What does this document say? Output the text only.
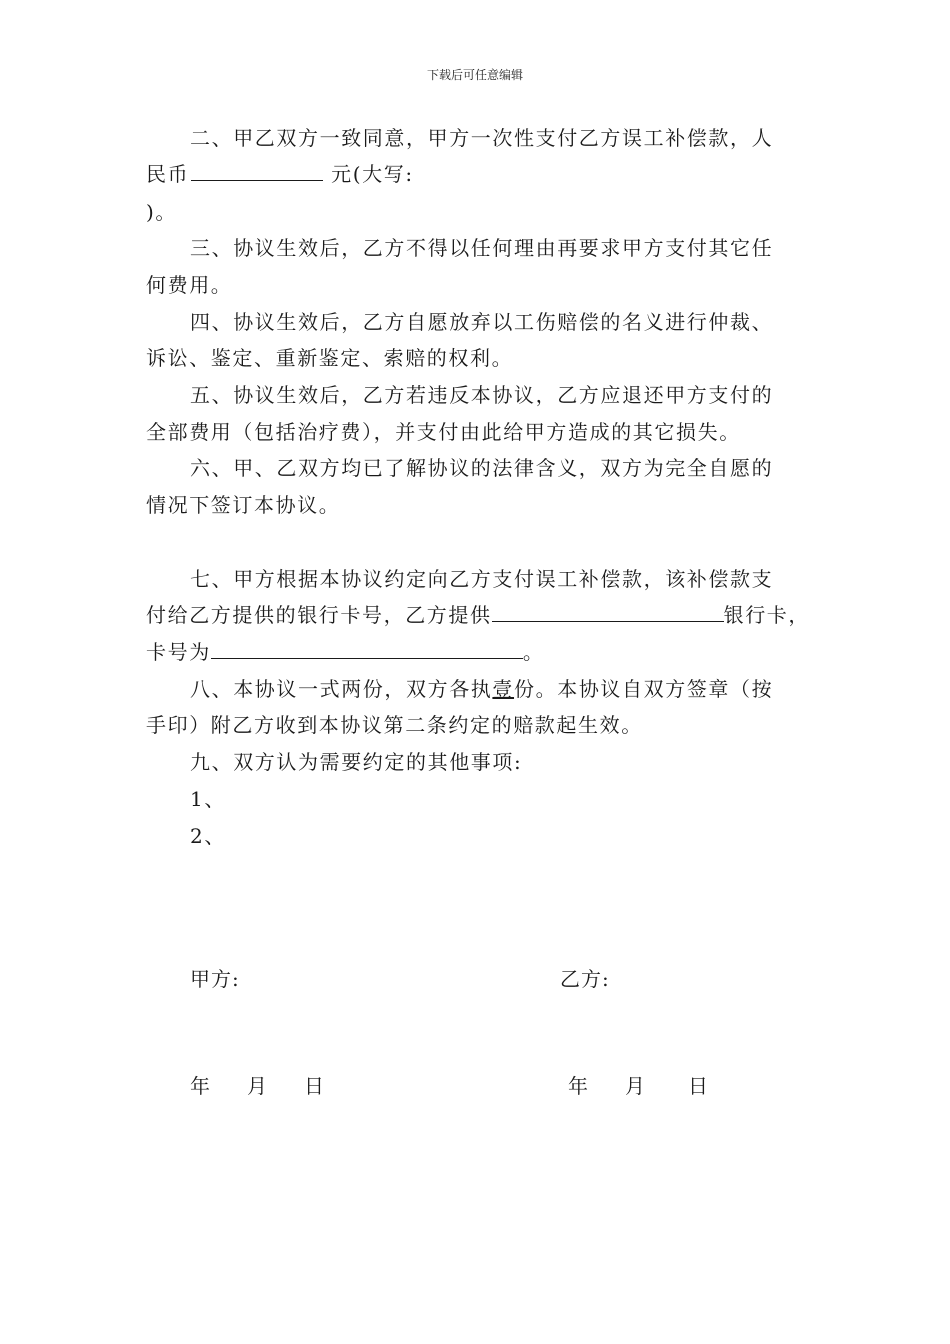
下载后可任意编辑
二、甲乙双方一致同意，甲方一次性支付乙方误工补偿款，人
民币	元(大写:
)。
三、协议生效后，乙方不得以任何理由再要求甲方支付其它任
何费用。
四、协议生效后，乙方自愿放弃以工伤赔偿的名义进行仲裁、
诉讼、鉴定、重新鉴定、索赔的权利。
五、协议生效后，乙方若违反本协议，乙方应退还甲方支付的
全部费用（包括治疗费），并支付由此给甲方造成的其它损失。
六、甲、乙双方均已了解协议的法律含义，双方为完全自愿的
情况下签订本协议。
七、甲方根据本协议约定向乙方支付误工补偿款，该补偿款支
付给乙方提供的银行卡号，乙方提供	银行卡，
卡号为	。
八、本协议一式两份，双方各执壹份。本协议自双方签章（按
手印）附乙方收到本协议第二条约定的赔款起生效。
九、双方认为需要约定的其他事项:
1、
2、
甲方:	乙方:
年 月 日	年 月 日
